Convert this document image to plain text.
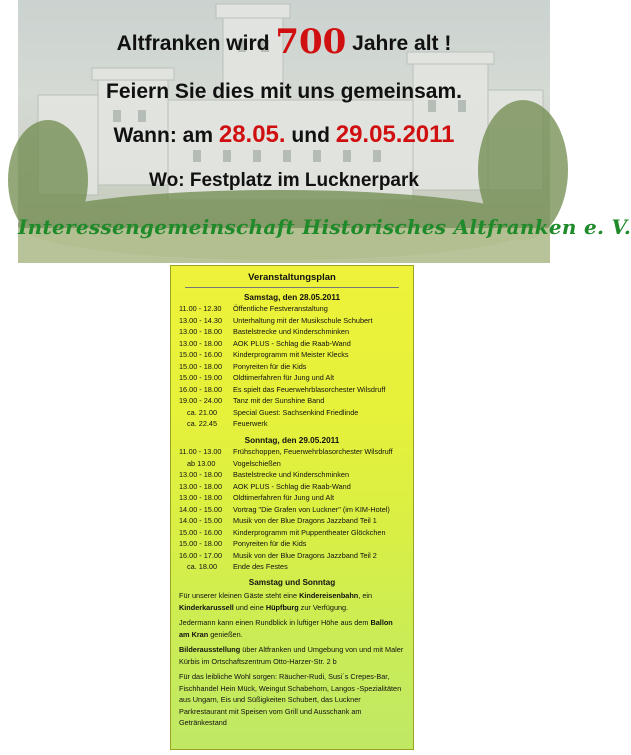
Altfranken wird 700 Jahre alt !
Feiern Sie dies mit uns gemeinsam.
Wann: am 28.05. und 29.05.2011
Wo: Festplatz im Lucknerpark
Interessengemeinschaft Historisches Altfranken e. V.
Veranstaltungsplan
Samstag, den 28.05.2011
11.00 - 12.30	Öffentliche Festveranstaltung
13.00 - 14.30	Unterhaltung mit der Musikschule Schubert
13.00 - 18.00	Bastelstrecke und Kinderschminken
13.00 - 18.00	AOK PLUS - Schlag die Raab-Wand
15.00 - 16.00	Kinderprogramm mit Meister Klecks
15.00 - 18.00	Ponyreiten für die Kids
15.00 - 19.00	Oldtimerfahren für Jung und Alt
16.00 - 18.00	Es spielt das Feuerwehrblasorchester Wilsdruff
19.00 - 24.00	Tanz mit der Sunshine Band
ca. 21.00	Special Guest: Sachsenkind Friedlinde
ca. 22.45	Feuerwerk
Sonntag, den 29.05.2011
11.00 - 13.00	Frühschoppen, Feuerwehrblasorchester Wilsdruff
ab 13.00	Vogelschießen
13.00 - 18.00	Bastelstrecke und Kinderschminken
13.00 - 18.00	AOK PLUS - Schlag die Raab-Wand
13.00 - 18.00	Oldtimerfahren für Jung und Alt
14.00 - 15.00	Vortrag "Die Grafen von Luckner" (im KIM-Hotel)
14.00 - 15.00	Musik von der Blue Dragons Jazzband Teil 1
15.00 - 16.00	Kinderprogramm mit Puppentheater Glöckchen
15.00 - 18.00	Ponyreiten für die Kids
16.00 - 17.00	Musik von der Blue Dragons Jazzband Teil 2
ca. 18.00	Ende des Festes
Samstag und Sonntag
Für unserer kleinen Gäste steht eine Kindereisenbahn, ein Kinderkarussell und eine Hüpfburg zur Verfügung.
Jedermann kann einen Rundblick in luftiger Höhe aus dem Ballon am Kran genießen.
Bilderausstellung über Altfranken und Umgebung von und mit Maler Kürbis im Ortschaftszentrum Otto-Harzer-Str. 2 b
Für das leibliche Wohl sorgen: Räucher-Rudi, Susi´s Crepes-Bar, Fischhandel Hein Mück, Weingut Schabehorn, Langos -Spezialitäten aus Ungarn, Eis und Süßigkeiten Schubert, das Luckner Parkrestaurant mit Speisen vom Grill und Ausschank am Getränkestand
